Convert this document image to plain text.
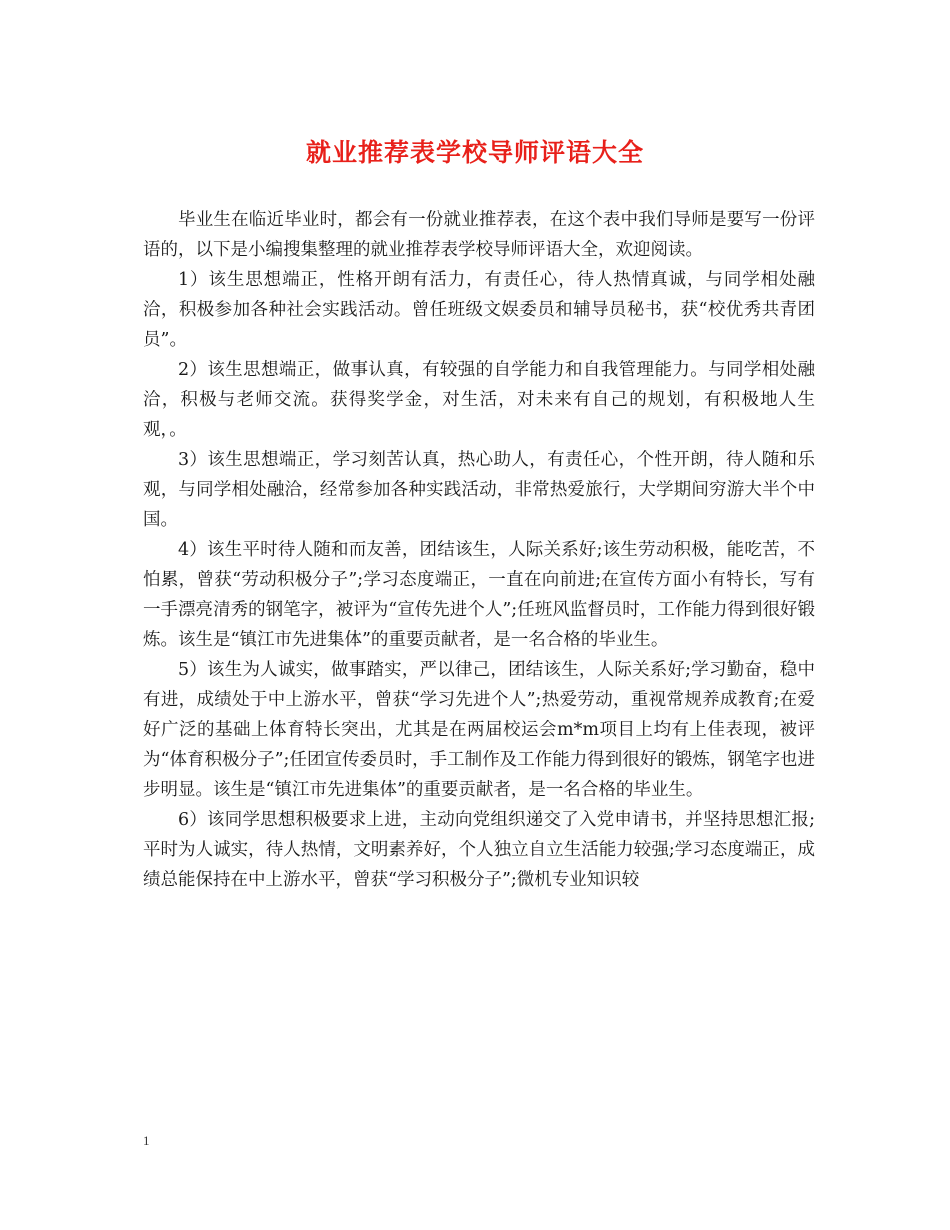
就业推荐表学校导师评语大全

毕业生在临近毕业时，都会有一份就业推荐表，在这个表中我们导师是要写一份评语的，以下是小编搜集整理的就业推荐表学校导师评语大全，欢迎阅读。

1）该生思想端正，性格开朗有活力，有责任心，待人热情真诚，与同学相处融洽，积极参加各种社会实践活动。曾任班级文娱委员和辅导员秘书，获“校优秀共青团员”。

2）该生思想端正，做事认真，有较强的自学能力和自我管理能力。与同学相处融洽，积极与老师交流。获得奖学金，对生活，对未来有自己的规划，有积极地人生观，。

3）该生思想端正，学习刻苦认真，热心助人，有责任心，个性开朗，待人随和乐观，与同学相处融洽，经常参加各种实践活动，非常热爱旅行，大学期间穷游大半个中国。

4）该生平时待人随和而友善，团结该生，人际关系好;该生劳动积极，能吃苦，不怕累，曾获“劳动积极分子”;学习态度端正，一直在向前进;在宣传方面小有特长，写有一手漂亮清秀的钢笔字，被评为“宣传先进个人”;任班风监督员时，工作能力得到很好锻炼。该生是“镇江市先进集体”的重要贡献者，是一名合格的毕业生。

5）该生为人诚实，做事踏实，严以律己，团结该生，人际关系好;学习勤奋，稳中有进，成绩处于中上游水平，曾获“学习先进个人”;热爱劳动，重视常规养成教育;在爱好广泛的基础上体育特长突出，尤其是在两届校运会m*m项目上均有上佳表现，被评为“体育积极分子”;任团宣传委员时，手工制作及工作能力得到很好的锻炼，钢笔字也进步明显。该生是“镇江市先进集体”的重要贡献者，是一名合格的毕业生。

6）该同学思想积极要求上进，主动向党组织递交了入党申请书，并坚持思想汇报;平时为人诚实，待人热情，文明素养好，个人独立自立生活能力较强;学习态度端正，成绩总能保持在中上游水平，曾获“学习积极分子”;微机专业知识较

1
